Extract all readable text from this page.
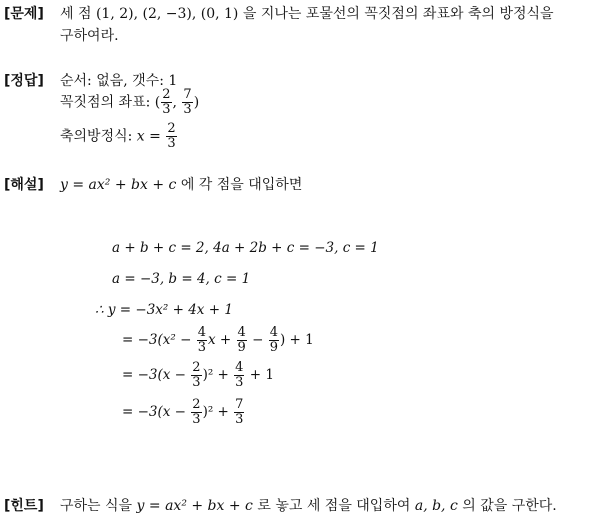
[문제] 세 점 (1, 2), (2, −3), (0, 1) 을 지나는 포물선의 꼭짓점의 좌표와 축의 방정식을
구하여라.
[정답] 순서: 없음, 갯수: 1
꼭짓점의 좌표: ( $\frac{2}{3}$ , $\frac{7}{3}$ )
축의방정식: $x = \frac{2}{3}$
[해설] y = ax² + bx + c 에 각 점을 대입하면
a + b + c = 2, 4a + 2b + c = −3, c = 1
a = −3, b = 4, c = 1
∴ y = −3x² + 4x + 1
= $-3(x^2 - \frac{4}{3}$ $x + \frac{4}{9} - \frac{4}{9}$ ) + 1
= $-3(x - \frac{2}{3} )^2 + \frac{4}{3} + 1$
= $-3(x - \frac{2}{3} )^2 + \frac{7}{3}$
[힌트] 구하는 식을 y = ax² + bx + c 로 놓고 세 점을 대입하여 a, b, c 의 값을 구한다.
